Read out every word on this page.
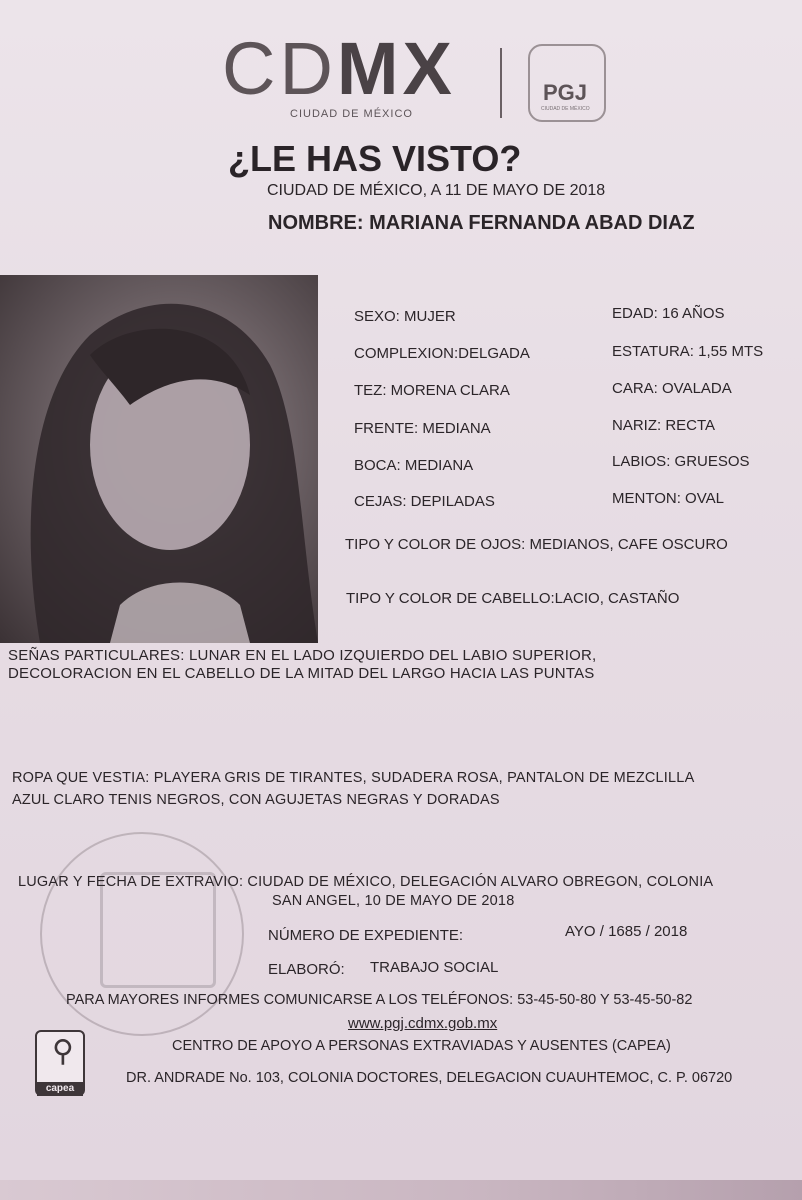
CDMX
CIUDAD DE MÉXICO
PGJ
CIUDAD DE MÉXICO
¿LE HAS VISTO?
CIUDAD DE MÉXICO, A 11 DE MAYO DE 2018
NOMBRE: MARIANA FERNANDA ABAD DIAZ
SEXO: MUJER	EDAD: 16 AÑOS
COMPLEXION:DELGADA	ESTATURA: 1,55 MTS
TEZ: MORENA CLARA	CARA: OVALADA
FRENTE: MEDIANA	NARIZ: RECTA
BOCA: MEDIANA	LABIOS: GRUESOS
CEJAS: DEPILADAS	MENTON: OVAL
TIPO Y COLOR DE OJOS: MEDIANOS, CAFE OSCURO
TIPO Y COLOR DE CABELLO:LACIO, CASTAÑO
SEÑAS PARTICULARES: LUNAR EN EL LADO IZQUIERDO DEL LABIO SUPERIOR,
DECOLORACION EN EL CABELLO DE LA MITAD DEL LARGO HACIA LAS PUNTAS
ROPA QUE VESTIA: PLAYERA GRIS DE TIRANTES, SUDADERA ROSA, PANTALON DE MEZCLILLA
AZUL CLARO TENIS NEGROS, CON AGUJETAS NEGRAS Y DORADAS
LUGAR Y FECHA DE EXTRAVIO: CIUDAD DE MÉXICO, DELEGACIÓN ALVARO OBREGON, COLONIA
SAN ANGEL, 10 DE MAYO DE 2018
NÚMERO DE EXPEDIENTE:	AYO / 1685 / 2018
ELABORÓ: TRABAJO SOCIAL
PARA MAYORES INFORMES COMUNICARSE A LOS TELÉFONOS: 53-45-50-80 Y 53-45-50-82
www.pgj.cdmx.gob.mx
CENTRO DE APOYO A PERSONAS EXTRAVIADAS Y AUSENTES (CAPEA)
DR. ANDRADE No. 103, COLONIA DOCTORES, DELEGACION CUAUHTEMOC, C. P. 06720
⚲
capea
